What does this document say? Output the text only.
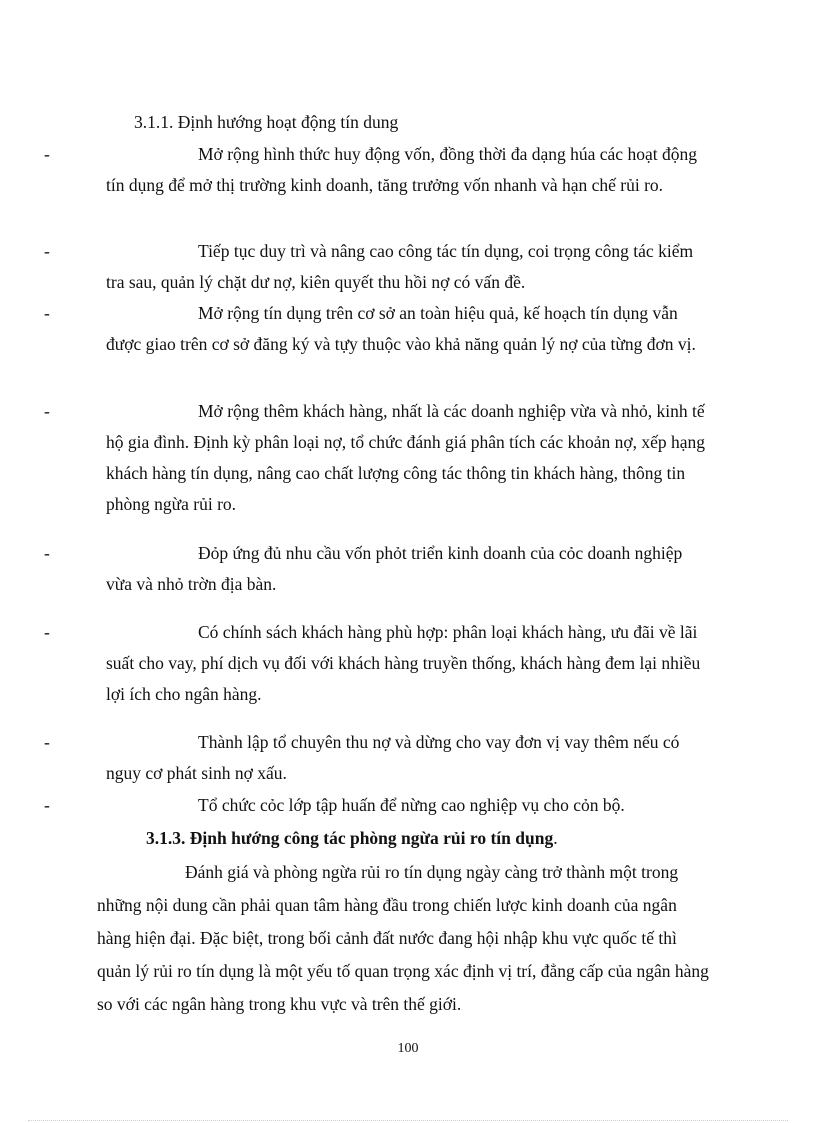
3.1.1. Định hướng hoạt động tín dung
-	Mở rộng hình thức huy động vốn, đồng thời đa dạng húa các hoạt động tín dụng để mở thị trường kinh doanh, tăng trưởng vốn nhanh và hạn chế rủi ro.
-	Tiếp tục duy trì và nâng cao công tác tín dụng, coi trọng công tác kiểm tra sau, quản lý chặt dư nợ, kiên quyết thu hồi nợ có vấn đề.
-	Mở rộng tín dụng trên cơ sở an toàn hiệu quả, kế hoạch tín dụng vẫn được giao trên cơ sở đăng ký và tựy thuộc vào khả năng quản lý nợ của từng đơn vị.
-	Mở rộng thêm khách hàng, nhất là các doanh nghiệp vừa và nhỏ, kinh tế hộ gia đình. Định kỳ phân loại nợ, tổ chức đánh giá phân tích các khoản nợ, xếp hạng khách hàng tín dụng, nâng cao chất lượng công tác thông tin khách hàng, thông tin phòng ngừa rủi ro.
-	Đỏp ứng đủ nhu cầu vốn phỏt triển kinh doanh của cỏc doanh nghiệp vừa và nhỏ trờn địa bàn.
-	Có chính sách khách hàng phù hợp: phân loại khách hàng, ưu đãi về lãi suất cho vay, phí dịch vụ đối với khách hàng truyền thống, khách hàng đem lại nhiều lợi ích cho ngân hàng.
-	Thành lập tổ chuyên thu nợ và dừng cho vay đơn vị vay thêm nếu có nguy cơ phát sinh nợ xấu.
-	Tổ chức cỏc lớp tập huấn để nừng cao nghiệp vụ cho cỏn bộ.
3.1.3. Định hướng công tác phòng ngừa rủi ro tín dụng.
Đánh giá và phòng ngừa rủi ro tín dụng ngày càng trở thành một trong những nội dung cần phải quan tâm hàng đầu trong chiến lược kinh doanh của ngân hàng hiện đại. Đặc biệt, trong bối cảnh đất nước đang hội nhập khu vực quốc tế thì quản lý rủi ro tín dụng là một yếu tố quan trọng xác định vị trí, đẳng cấp của ngân hàng so với các ngân hàng trong khu vực và trên thế giới.
100
